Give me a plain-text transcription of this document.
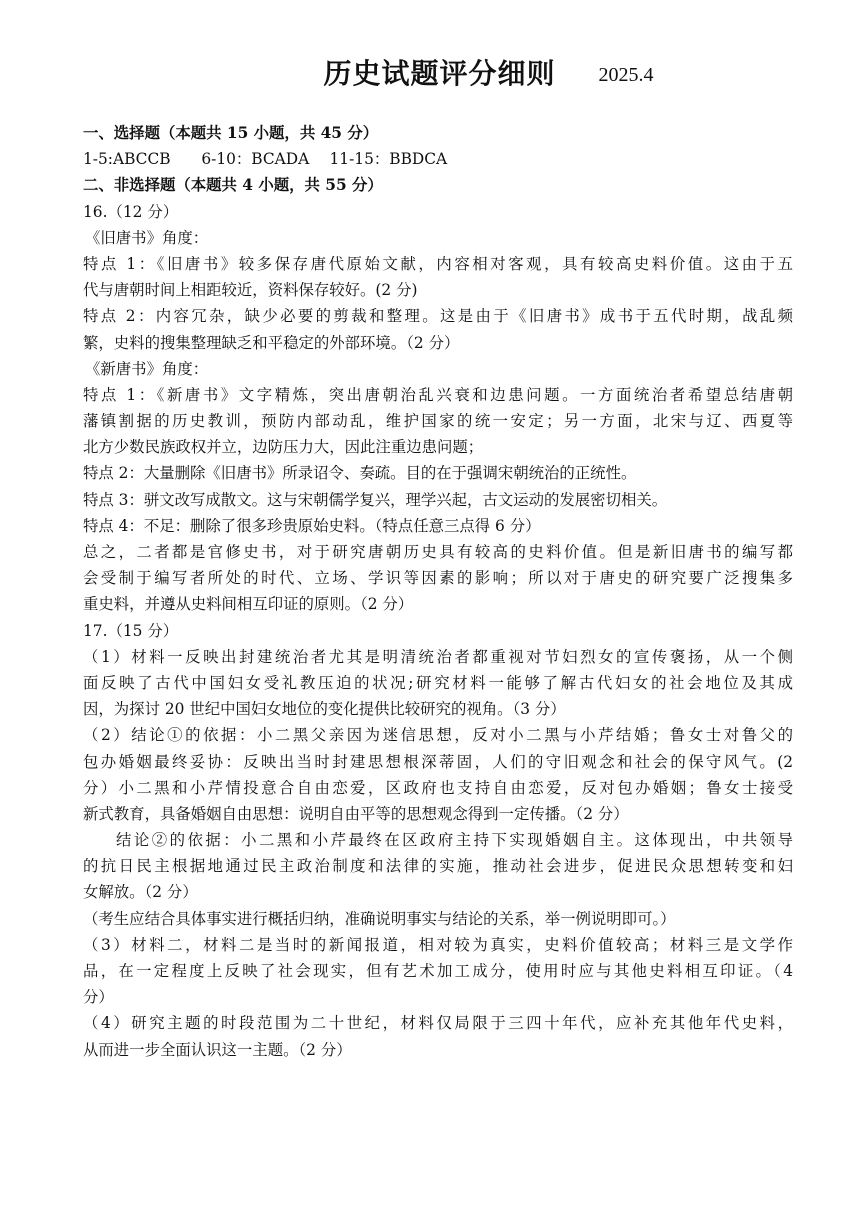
历史试题评分细则 2025.4
一、选择题（本题共 15 小题，共 45 分）
1-5:ABCCB　　6-10：BCADA　 11-15：BBDCA
二、非选择题（本题共 4 小题，共 55 分）
16.（12 分）
《旧唐书》角度：
特点 1：《旧唐书》较多保存唐代原始文献，内容相对客观，具有较高史料价值。这由于五
代与唐朝时间上相距较近，资料保存较好。(2 分)
特点 2：内容冗杂，缺少必要的剪裁和整理。这是由于《旧唐书》成书于五代时期，战乱频
繁，史料的搜集整理缺乏和平稳定的外部环境。（2 分）
《新唐书》角度：
特点 1：《新唐书》文字精炼，突出唐朝治乱兴衰和边患问题。一方面统治者希望总结唐朝
藩镇割据的历史教训，预防内部动乱，维护国家的统一安定；另一方面，北宋与辽、西夏等
北方少数民族政权并立，边防压力大，因此注重边患问题；
特点 2：大量删除《旧唐书》所录诏令、奏疏。目的在于强调宋朝统治的正统性。
特点 3：骈文改写成散文。这与宋朝儒学复兴，理学兴起，古文运动的发展密切相关。
特点 4：不足：删除了很多珍贵原始史料。（特点任意三点得 6 分）
总之，二者都是官修史书，对于研究唐朝历史具有较高的史料价值。但是新旧唐书的编写都
会受制于编写者所处的时代、立场、学识等因素的影响；所以对于唐史的研究要广泛搜集多
重史料，并遵从史料间相互印证的原则。（2 分）
17.（15 分）
（1）材料一反映出封建统治者尤其是明清统治者都重视对节妇烈女的宣传褒扬，从一个侧
面反映了古代中国妇女受礼教压迫的状况;研究材料一能够了解古代妇女的社会地位及其成
因，为探讨 20 世纪中国妇女地位的变化提供比较研究的视角。（3 分）
（2）结论①的依据：小二黑父亲因为迷信思想，反对小二黑与小芹结婚；鲁女士对鲁父的
包办婚姻最终妥协：反映出当时封建思想根深蒂固，人们的守旧观念和社会的保守风气。(2
分）小二黑和小芹情投意合自由恋爱，区政府也支持自由恋爱，反对包办婚姻；鲁女士接受
新式教育，具备婚姻自由思想：说明自由平等的思想观念得到一定传播。（2 分）
结论②的依据：小二黑和小芹最终在区政府主持下实现婚姻自主。这体现出，中共领导
的抗日民主根据地通过民主政治制度和法律的实施，推动社会进步，促进民众思想转变和妇
女解放。（2 分）
（考生应结合具体事实进行概括归纳，准确说明事实与结论的关系，举一例说明即可。）
（3）材料二，材料二是当时的新闻报道，相对较为真实，史料价值较高；材料三是文学作
品，在一定程度上反映了社会现实，但有艺术加工成分，使用时应与其他史料相互印证。（4
分）
（4）研究主题的时段范围为二十世纪，材料仅局限于三四十年代，应补充其他年代史料，
从而进一步全面认识这一主题。（2 分）
